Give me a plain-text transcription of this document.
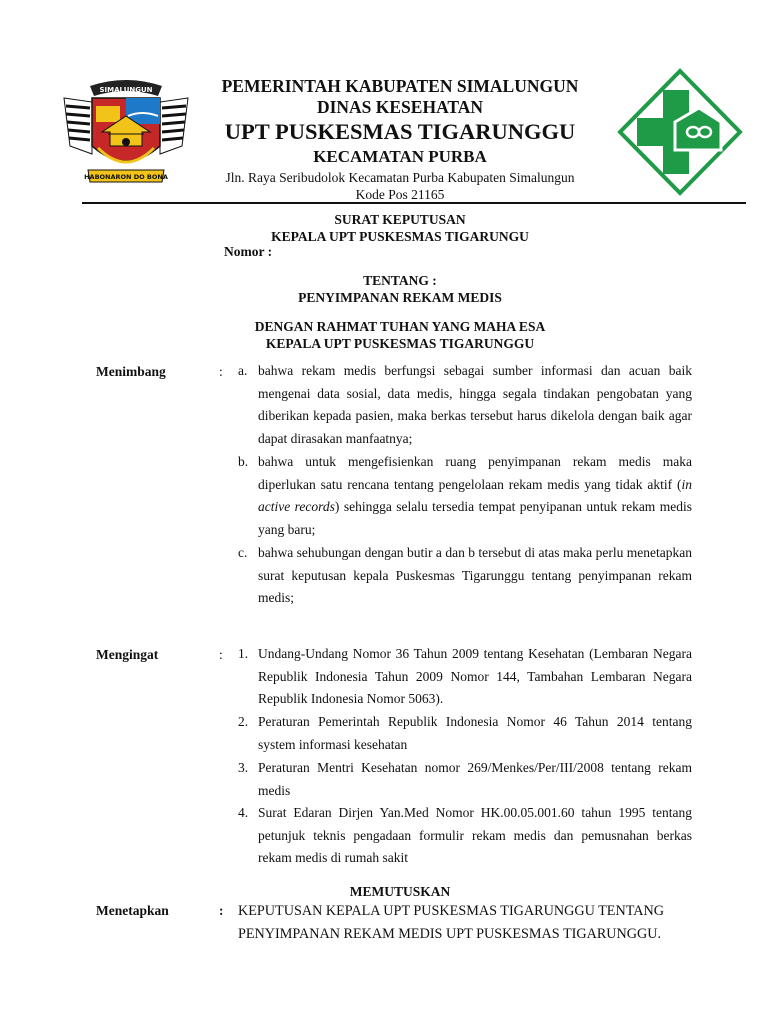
SIMALUNGUN
HABONARON DO BONA
PEMERINTAH KABUPATEN SIMALUNGUN
DINAS KESEHATAN
UPT PUSKESMAS TIGARUNGGU
KECAMATAN PURBA
Jln. Raya Seribudolok Kecamatan Purba Kabupaten Simalungun
Kode Pos 21165
SURAT KEPUTUSAN
KEPALA UPT PUSKESMAS TIGARUNGU
Nomor :
TENTANG :
PENYIMPANAN REKAM MEDIS
DENGAN RAHMAT TUHAN YANG MAHA ESA
KEPALA UPT PUSKESMAS TIGARUNGGU
Menimbang	: a. bahwa rekam medis berfungsi sebagai sumber informasi dan acuan baik mengenai data sosial, data medis, hingga segala tindakan pengobatan yang diberikan kepada pasien, maka berkas tersebut harus dikelola dengan baik agar dapat dirasakan manfaatnya;
b. bahwa untuk mengefisienkan ruang penyimpanan rekam medis maka diperlukan satu rencana tentang pengelolaan rekam medis yang tidak aktif (in active records) sehingga selalu tersedia tempat penyipanan untuk rekam medis yang baru;
c. bahwa sehubungan dengan butir a dan b tersebut di atas maka perlu menetapkan surat keputusan kepala Puskesmas Tigarunggu tentang penyimpanan rekam medis;
Mengingat	: 1. Undang-Undang Nomor 36 Tahun 2009 tentang Kesehatan (Lembaran Negara Republik Indonesia Tahun 2009 Nomor 144, Tambahan Lembaran Negara Republik Indonesia Nomor 5063).
2. Peraturan Pemerintah Republik Indonesia Nomor 46 Tahun 2014 tentang system informasi kesehatan
3. Peraturan Mentri Kesehatan nomor 269/Menkes/Per/III/2008 tentang rekam medis
4. Surat Edaran Dirjen Yan.Med Nomor HK.00.05.001.60 tahun 1995 tentang petunjuk teknis pengadaan formulir rekam medis dan pemusnahan berkas rekam medis di rumah sakit
MEMUTUSKAN
Menetapkan	: KEPUTUSAN KEPALA UPT PUSKESMAS TIGARUNGGU TENTANG
PENYIMPANAN REKAM MEDIS UPT PUSKESMAS TIGARUNGGU.
